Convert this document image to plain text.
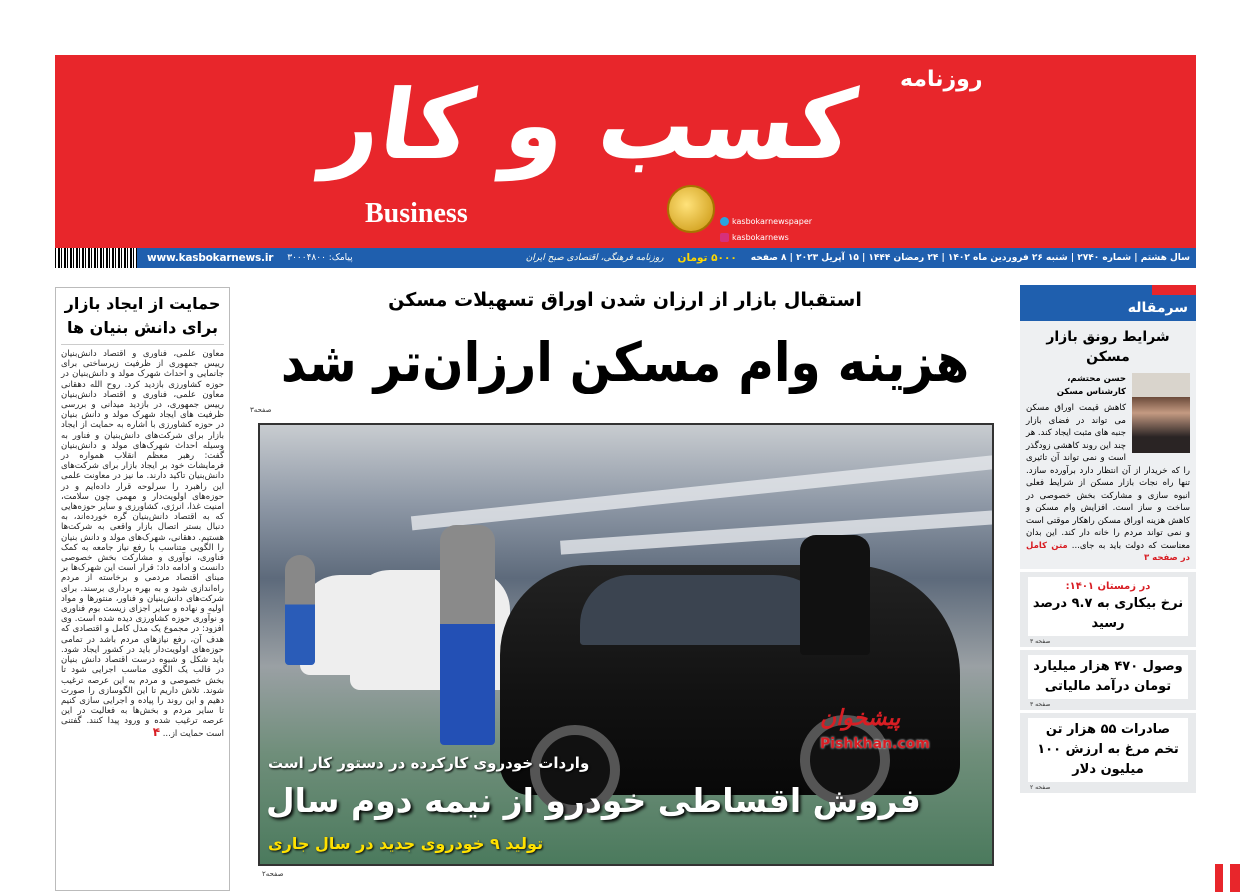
کسب و کار	روزنامه
Business	kasbokarnewspaper
kasbokarnews
سال هشتم | شماره ۲۷۴۰ | شنبه ۲۶ فروردین ماه ۱۴۰۲ | ۲۴ رمضان ۱۴۴۴ | ۱۵ آپریل ۲۰۲۳ | ۸ صفحه
۵۰۰۰ تومان
روزنامه فرهنگی، اقتصادی صبح ایران
پیامک: ۳۰۰۰۴۸۰۰
www.kasbokarnews.ir
حمایت از ایجاد بازار برای دانش بنیان ها

معاون علمی، فناوری و اقتصاد دانش‌بنیان رییس جمهوری از ظرفیت زیرساختی برای جانمایی و احداث شهرک مولد و دانش‌بنیان در حوزه کشاورزی بازدید کرد. روح الله دهقانی معاون علمی، فناوری و اقتصاد دانش‌بنیان رییس جمهوری، در بازدید میدانی و بررسی ظرفیت های ایجاد شهرک مولد و دانش بنیان در حوزه کشاورزی با اشاره به حمایت از ایجاد بازار برای شرکت‌های دانش‌بنیان و فناور به وسیله احداث شهرک‌های مولد و دانش‌بنیان گفت: رهبر معظم انقلاب همواره در فرمایشات خود بر ایجاد بازار برای شرکت‌های دانش‌بنیان تاکید دارند. ما نیز در معاونت علمی این راهبرد را سرلوحه قرار داده‌ایم و در حوزه‌های اولویت‌دار و مهمی چون سلامت، امنیت غذا، انرژی، کشاورزی و سایر حوزه‌هایی که به اقتصاد دانش‌بنیان گره خورده‌اند، به دنبال بستر اتصال بازار واقعی به شرکت‌ها هستیم. دهقانی، شهرک‌های مولد و دانش بنیان را الگویی متناسب با رفع نیاز جامعه به کمک فناوری، نوآوری و مشارکت بخش خصوصی دانست و ادامه داد: قرار است این شهرک‌ها بر مبنای اقتصاد مردمی و برخاسته از مردم راه‌اندازی شود و به بهره برداری برسند. برای شرکت‌های دانش‌بنیان و فناور، منتورها و مواد اولیه و نهاده و سایر اجزای زیست بوم فناوری و نوآوری حوزه کشاورزی دیده شده است. وی افزود: در مجموع یک مدل کامل و اقتصادی که هدف آن، رفع نیازهای مردم باشد در تمامی حوزه‌های اولویت‌دار باید در کشور ایجاد شود. باید شکل و شیوه درست اقتصاد دانش بنیان در قالب یک الگوی مناسب اجرایی شود تا بخش خصوصی و مردم به این عرصه ترغیب شوند. تلاش داریم تا این الگوسازی را صورت دهیم و این روند را پیاده و اجرایی سازی کنیم تا سایر مردم و بخش‌ها به فعالیت در این عرصه ترغیب شده و ورود پیدا کنند. گفتنی است حمایت از... ۴

استقبال بازار از ارزان شدن اوراق تسهیلات مسکن
هزینه وام مسکن ارزان‌تر شد
صفحه۳
پیشخوان
Pishkhan.com
واردات خودروی کارکرده در دستور کار است
فروش اقساطی خودرو از نیمه دوم سال
تولید ۹ خودروی جدید در سال جاری
صفحه۲
سرمقاله
شرایط رونق بازار مسکن
حسن محتشم، کارشناس مسکن
کاهش قیمت اوراق مسکن می تواند در فضای بازار جنبه های مثبت ایجاد کند. هر چند این روند کاهشی زودگذر است و نمی تواند آن تاثیری را که خریدار از آن انتظار دارد برآورده سازد. تنها راه نجات بازار مسکن از شرایط فعلی انبوه سازی و مشارکت بخش خصوصی در ساخت و ساز است. افزایش وام مسکن و کاهش هزینه اوراق مسکن راهکار موقتی است و نمی تواند مردم را خانه دار کند. این بدان معناست که دولت باید به جای... متن کامل در صفحه ۳
در زمستان ۱۴۰۱:
نرخ بیکاری به ۹.۷ درصد رسید
صفحه ۳
وصول ۴۷۰ هزار میلیارد تومان درآمد مالیاتی
صفحه ۳
صادرات ۵۵ هزار تن تخم مرغ به ارزش ۱۰۰ میلیون دلار
صفحه ۲
